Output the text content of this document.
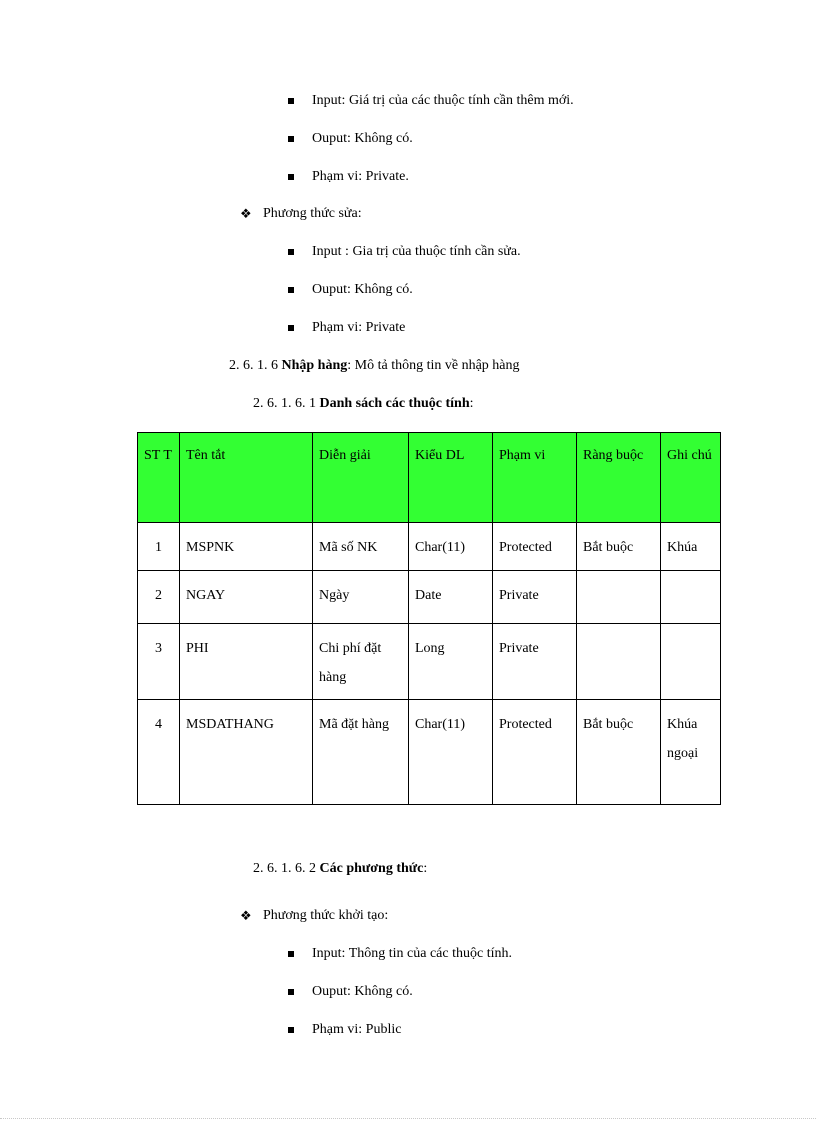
Input: Giá trị của các thuộc tính cần thêm mới.
Ouput: Không có.
Phạm vi: Private.
❖ Phương thức sửa:
Input : Gia trị của thuộc tính cần sửa.
Ouput: Không có.
Phạm vi: Private
2. 6. 1. 6 Nhập hàng: Mô tả thông tin về nhập hàng
2. 6. 1. 6. 1 Danh sách các thuộc tính:
ST T	Tên tắt	Diễn giải	Kiểu DL	Phạm vi	Ràng buộc	Ghi chú
1	MSPNK	Mã số NK	Char(11)	Protected	Bắt buộc	Khúa
2	NGAY	Ngày	Date	Private		
3	PHI	Chi phí đặt hàng	Long	Private		
4	MSDATHANG	Mã đặt hàng	Char(11)	Protected	Bắt buộc	Khúa ngoại
2. 6. 1. 6. 2 Các phương thức:
❖ Phương thức khởi tạo:
Input: Thông tin của các thuộc tính.
Ouput: Không có.
Phạm vi: Public
